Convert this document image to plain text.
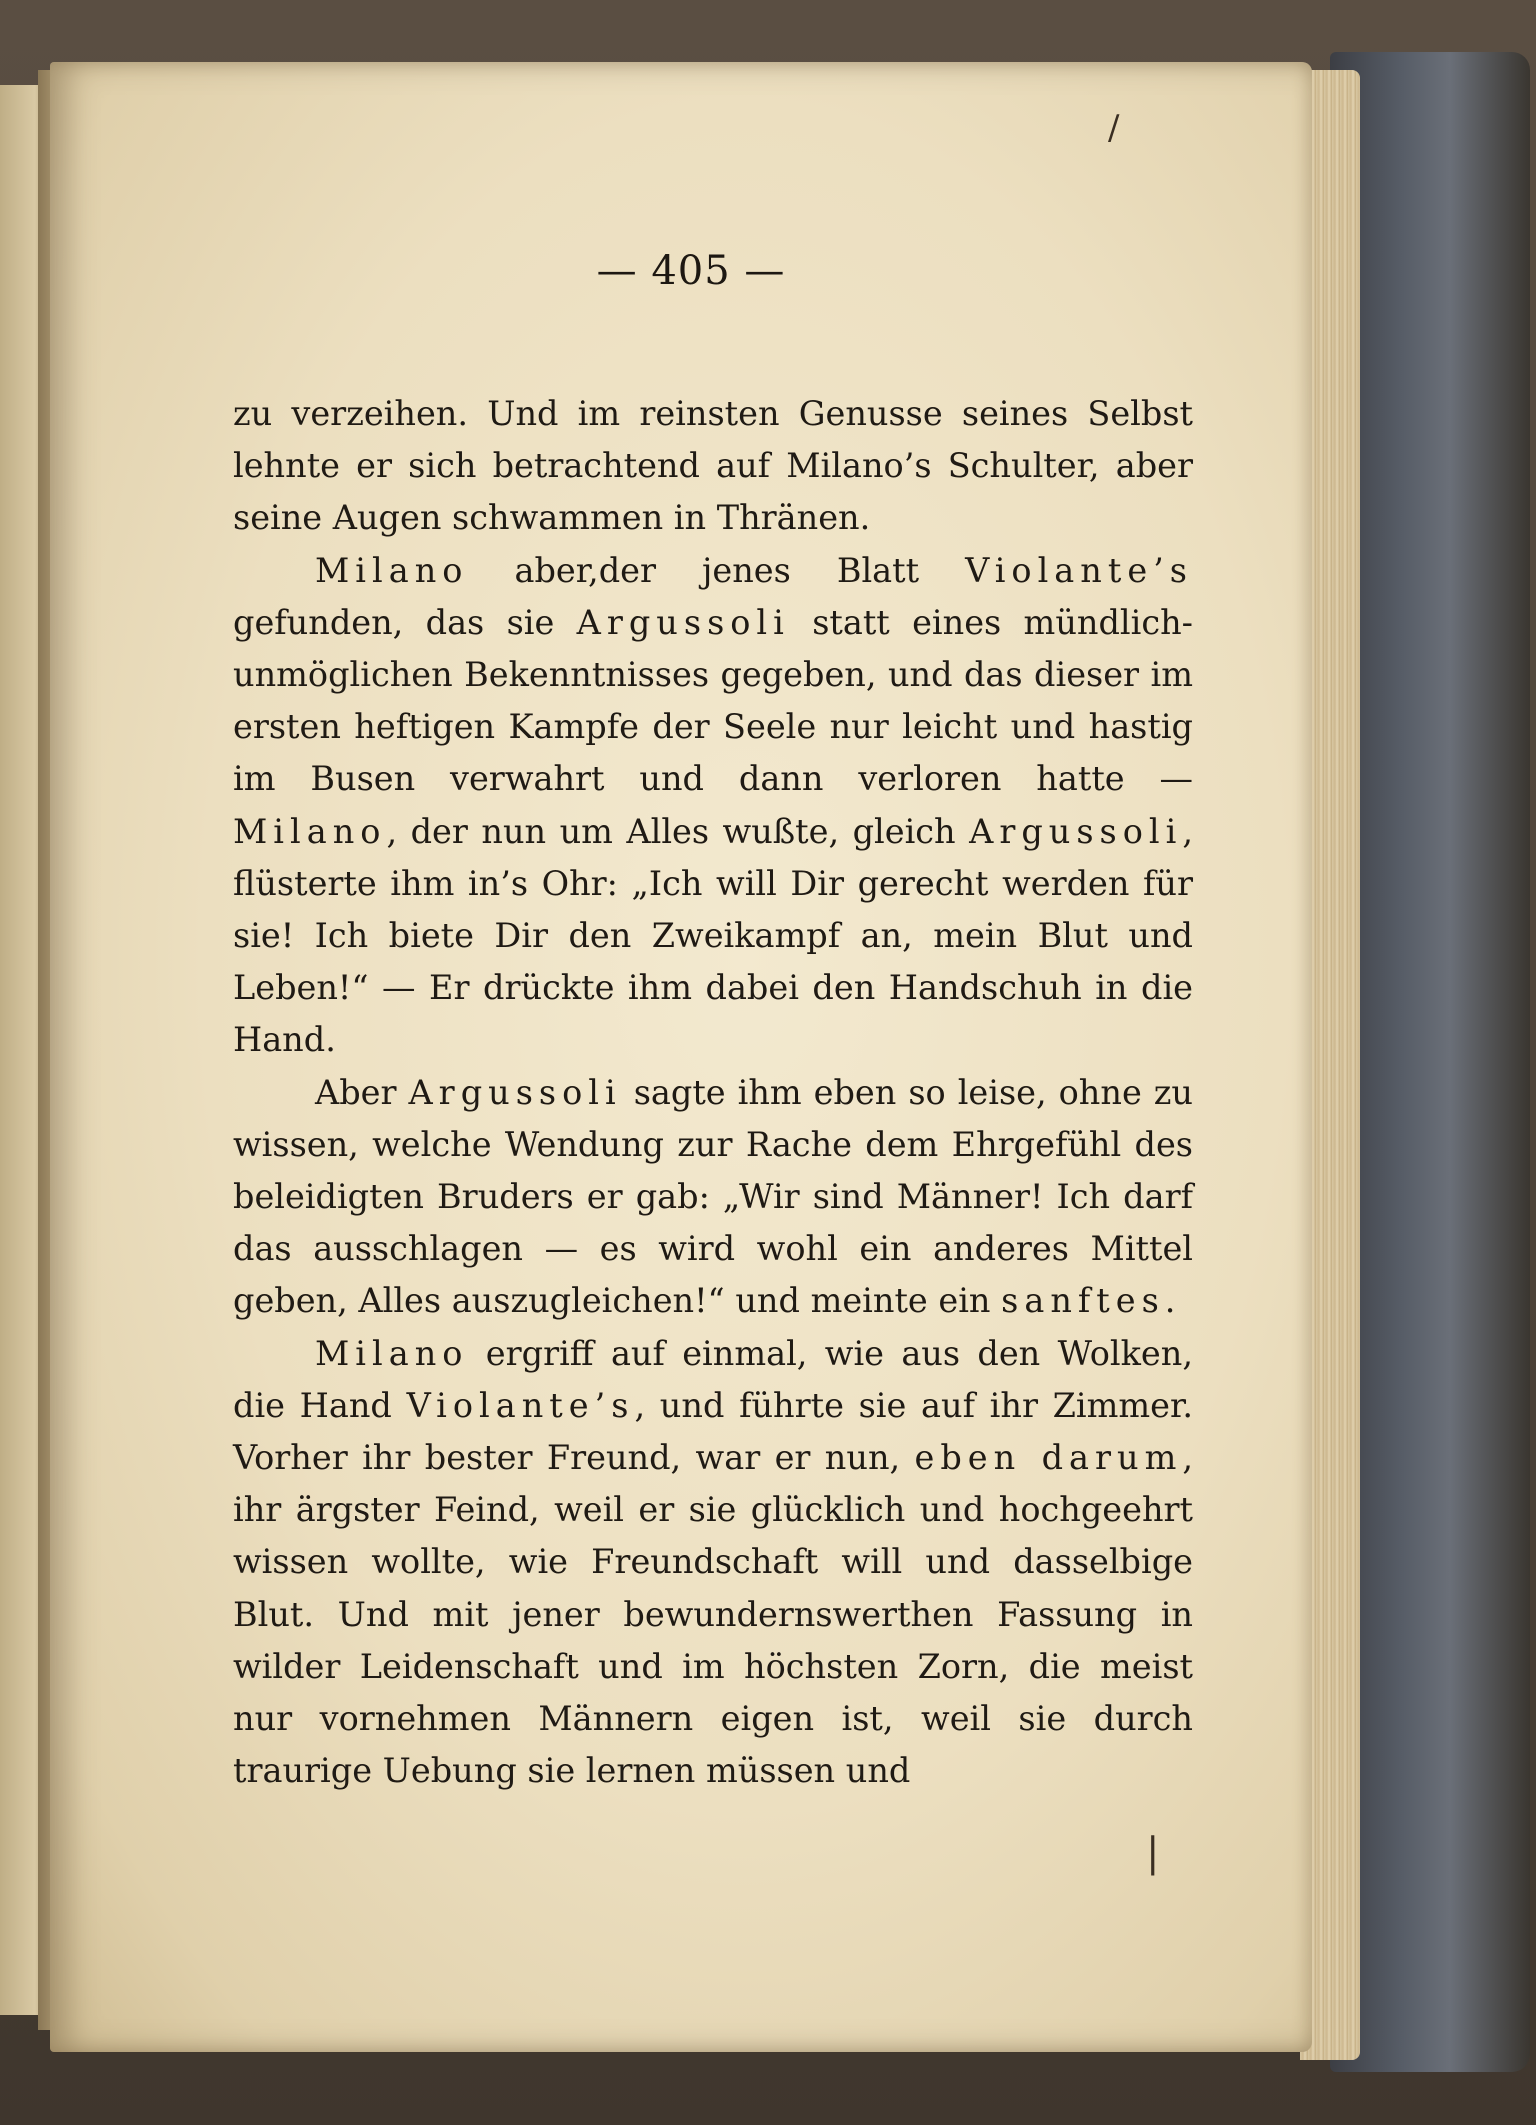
— 405 —

zu verzeihen. Und im reinsten Genusse seines Selbst lehnte er sich betrachtend auf Milano’s Schulter, aber seine Augen schwammen in Thränen.

Milano aber,der jenes Blatt Violante’s gefunden, das sie Argussoli statt eines mündlich-unmöglichen Bekenntnisses gegeben, und das dieser im ersten heftigen Kampfe der Seele nur leicht und hastig im Busen verwahrt und dann verloren hatte — Milano, der nun um Alles wußte, gleich Argussoli, flüsterte ihm in’s Ohr: „Ich will Dir gerecht werden für sie! Ich biete Dir den Zweikampf an, mein Blut und Leben!“ — Er drückte ihm dabei den Handschuh in die Hand.

Aber Argussoli sagte ihm eben so leise, ohne zu wissen, welche Wendung zur Rache dem Ehrgefühl des beleidigten Bruders er gab: „Wir sind Männer! Ich darf das ausschlagen — es wird wohl ein anderes Mittel geben, Alles auszugleichen!“ und meinte ein sanftes.

Milano ergriff auf einmal, wie aus den Wolken, die Hand Violante’s, und führte sie auf ihr Zimmer. Vorher ihr bester Freund, war er nun, eben darum, ihr ärgster Feind, weil er sie glücklich und hochgeehrt wissen wollte, wie Freundschaft will und dasselbige Blut. Und mit jener bewundernswerthen Fassung in wilder Leidenschaft und im höchsten Zorn, die meist nur vornehmen Männern eigen ist, weil sie durch traurige Uebung sie lernen müssen und

/
|
